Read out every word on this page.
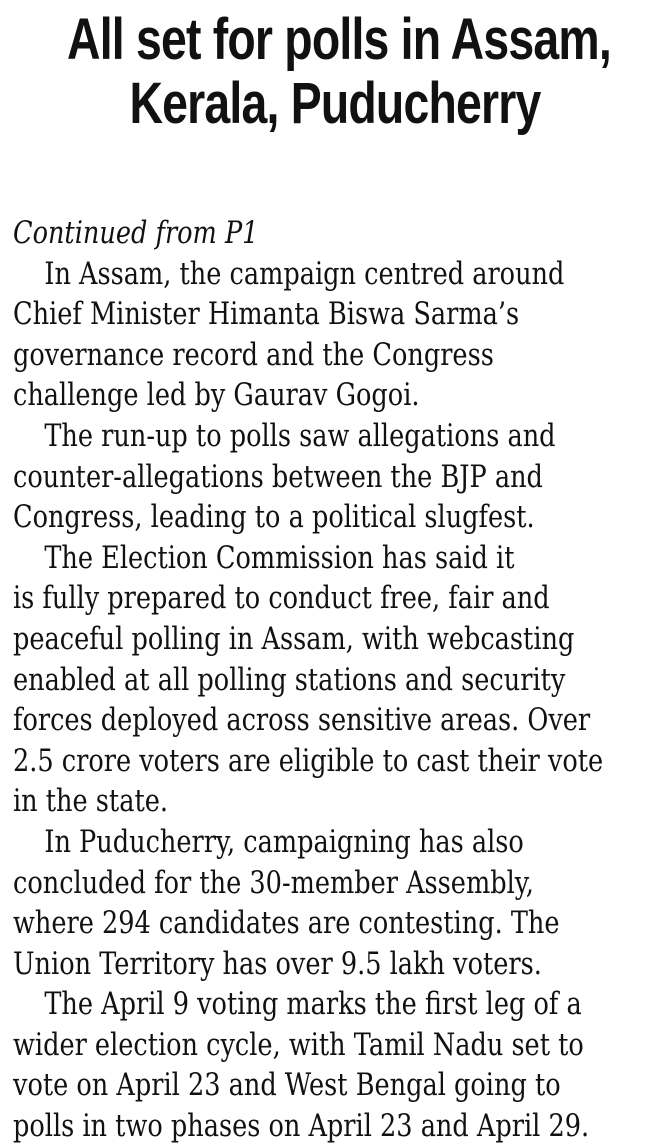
All set for polls in Assam,
Kerala, Puducherry
Continued from P1
In Assam, the campaign centred around
Chief Minister Himanta Biswa Sarma’s
governance record and the Congress
challenge led by Gaurav Gogoi.
The run-up to polls saw allegations and
counter-allegations between the BJP and
Congress, leading to a political slugfest.
The Election Commission has said it
is fully prepared to conduct free, fair and
peaceful polling in Assam, with webcasting
enabled at all polling stations and security
forces deployed across sensitive areas. Over
2.5 crore voters are eligible to cast their vote
in the state.
In Puducherry, campaigning has also
concluded for the 30-member Assembly,
where 294 candidates are contesting. The
Union Territory has over 9.5 lakh voters.
The April 9 voting marks the first leg of a
wider election cycle, with Tamil Nadu set to
vote on April 23 and West Bengal going to
polls in two phases on April 23 and April 29.
